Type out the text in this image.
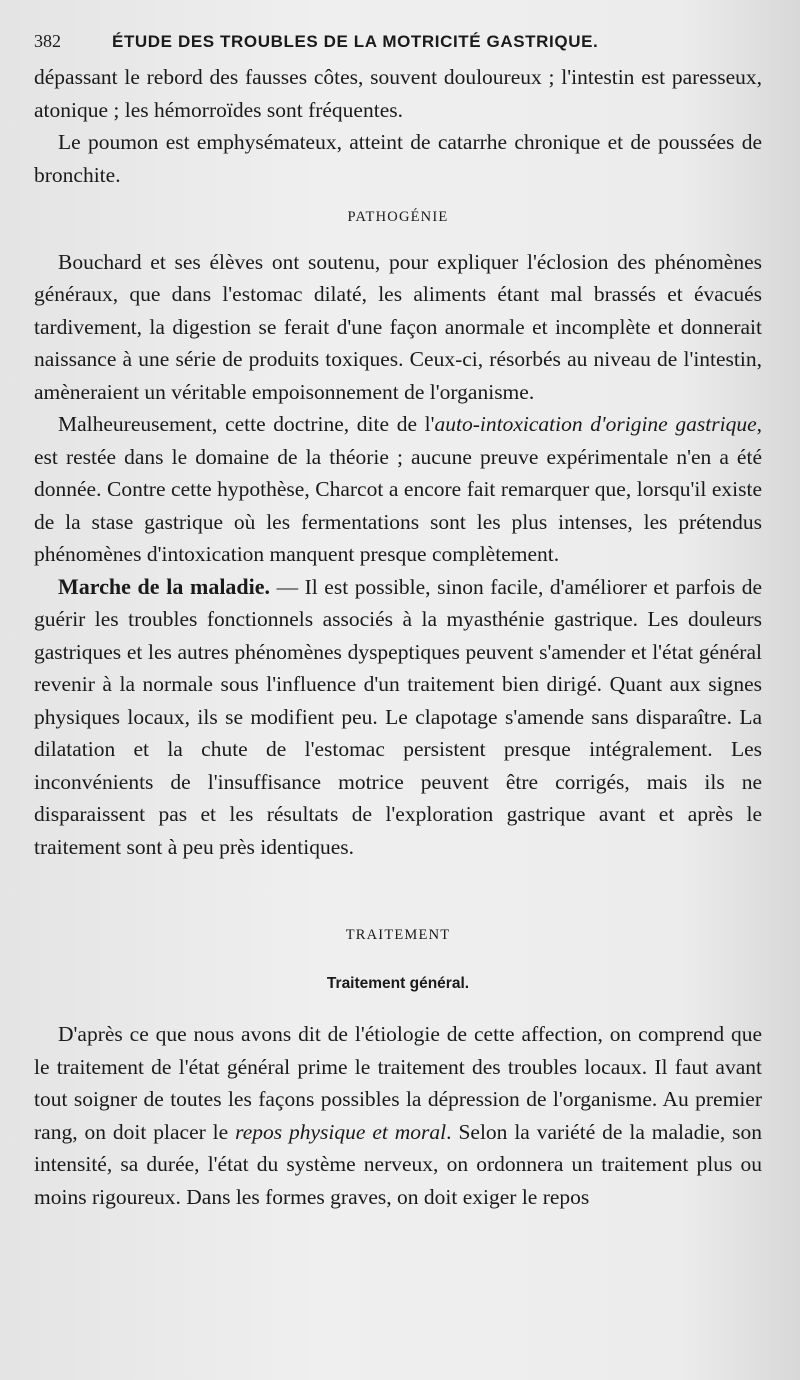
382	ÉTUDE DES TROUBLES DE LA MOTRICITÉ GASTRIQUE.

dépassant le rebord des fausses côtes, souvent douloureux ; l'intestin est paresseux, atonique ; les hémorroïdes sont fréquentes.

Le poumon est emphysémateux, atteint de catarrhe chronique et de poussées de bronchite.

PATHOGÉNIE

Bouchard et ses élèves ont soutenu, pour expliquer l'éclosion des phénomènes généraux, que dans l'estomac dilaté, les aliments étant mal brassés et évacués tardivement, la digestion se ferait d'une façon anormale et incomplète et donnerait naissance à une série de produits toxiques. Ceux-ci, résorbés au niveau de l'intestin, amèneraient un véritable empoisonnement de l'organisme.

Malheureusement, cette doctrine, dite de l'auto-intoxication d'origine gastrique, est restée dans le domaine de la théorie ; aucune preuve expérimentale n'en a été donnée. Contre cette hypothèse, Charcot a encore fait remarquer que, lorsqu'il existe de la stase gastrique où les fermentations sont les plus intenses, les prétendus phénomènes d'intoxication manquent presque complètement.

Marche de la maladie. — Il est possible, sinon facile, d'améliorer et parfois de guérir les troubles fonctionnels associés à la myasthénie gastrique. Les douleurs gastriques et les autres phénomènes dyspeptiques peuvent s'amender et l'état général revenir à la normale sous l'influence d'un traitement bien dirigé. Quant aux signes physiques locaux, ils se modifient peu. Le clapotage s'amende sans disparaître. La dilatation et la chute de l'estomac persistent presque intégralement. Les inconvénients de l'insuffisance motrice peuvent être corrigés, mais ils ne disparaissent pas et les résultats de l'exploration gastrique avant et après le traitement sont à peu près identiques.

TRAITEMENT
Traitement général.

D'après ce que nous avons dit de l'étiologie de cette affection, on comprend que le traitement de l'état général prime le traitement des troubles locaux. Il faut avant tout soigner de toutes les façons possibles la dépression de l'organisme. Au premier rang, on doit placer le repos physique et moral. Selon la variété de la maladie, son intensité, sa durée, l'état du système nerveux, on ordonnera un traitement plus ou moins rigoureux. Dans les formes graves, on doit exiger le repos
